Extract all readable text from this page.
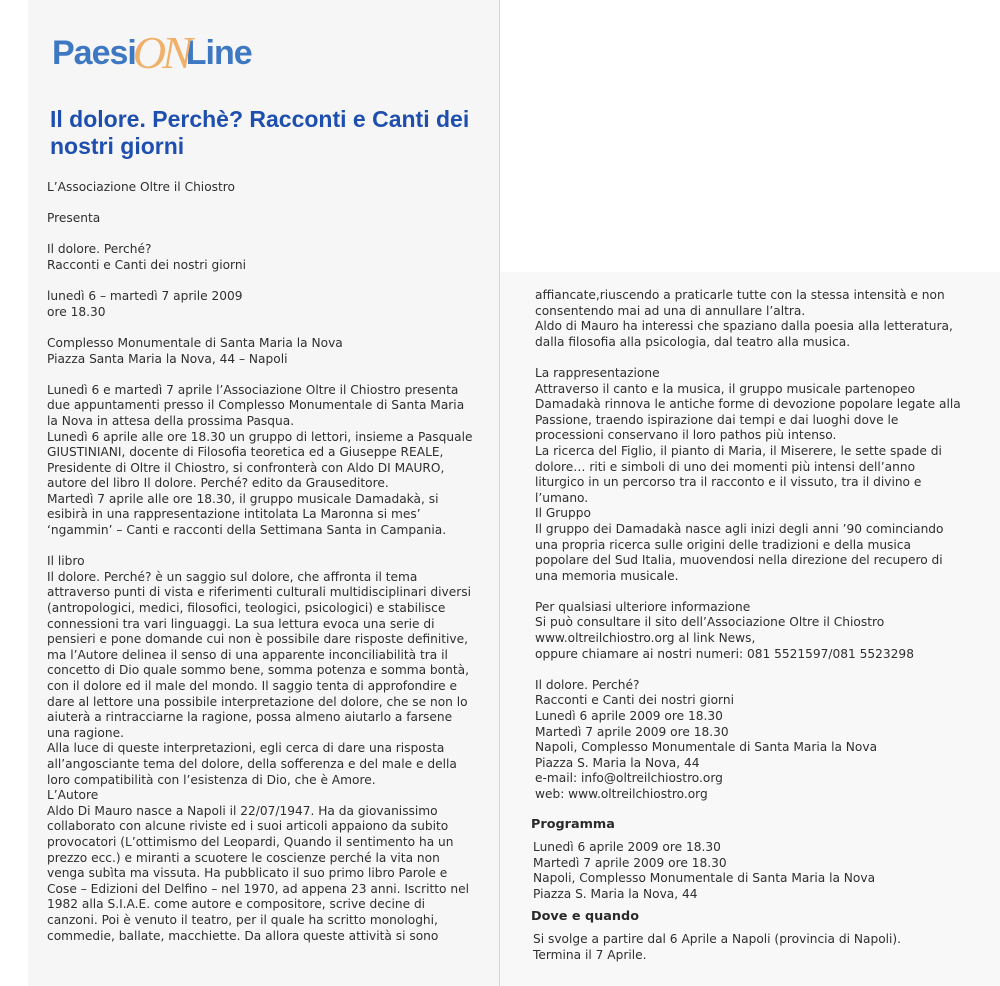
PaesiONLine
Il dolore. Perchè? Racconti e Canti dei nostri giorni
L’Associazione Oltre il Chiostro
Presenta
Il dolore. Perché?
Racconti e Canti dei nostri giorni
lunedì 6 – martedì 7 aprile 2009
ore 18.30
Complesso Monumentale di Santa Maria la Nova
Piazza Santa Maria la Nova, 44 – Napoli
Lunedì 6 e martedì 7 aprile l’Associazione Oltre il Chiostro presenta
due appuntamenti presso il Complesso Monumentale di Santa Maria
la Nova in attesa della prossima Pasqua.
Lunedì 6 aprile alle ore 18.30 un gruppo di lettori, insieme a Pasquale
GIUSTINIANI, docente di Filosofia teoretica ed a Giuseppe REALE,
Presidente di Oltre il Chiostro, si confronterà con Aldo DI MAURO,
autore del libro Il dolore. Perché? edito da Grauseditore.
Martedì 7 aprile alle ore 18.30, il gruppo musicale Damadakà, si
esibirà in una rappresentazione intitolata La Maronna si mes’
‘ngammin’ – Canti e racconti della Settimana Santa in Campania.
Il libro
Il dolore. Perché? è un saggio sul dolore, che affronta il tema
attraverso punti di vista e riferimenti culturali multidisciplinari diversi
(antropologici, medici, filosofici, teologici, psicologici) e stabilisce
connessioni tra vari linguaggi. La sua lettura evoca una serie di
pensieri e pone domande cui non è possibile dare risposte definitive,
ma l’Autore delinea il senso di una apparente inconciliabilità tra il
concetto di Dio quale sommo bene, somma potenza e somma bontà,
con il dolore ed il male del mondo. Il saggio tenta di approfondire e
dare al lettore una possibile interpretazione del dolore, che se non lo
aiuterà a rintracciarne la ragione, possa almeno aiutarlo a farsene
una ragione.
Alla luce di queste interpretazioni, egli cerca di dare una risposta
all’angosciante tema del dolore, della sofferenza e del male e della
loro compatibilità con l’esistenza di Dio, che è Amore.
L’Autore
Aldo Di Mauro nasce a Napoli il 22/07/1947. Ha da giovanissimo
collaborato con alcune riviste ed i suoi articoli appaiono da subito
provocatori (L’ottimismo del Leopardi, Quando il sentimento ha un
prezzo ecc.) e miranti a scuotere le coscienze perché la vita non
venga subìta ma vissuta. Ha pubblicato il suo primo libro Parole e
Cose – Edizioni del Delfino – nel 1970, ad appena 23 anni. Iscritto nel
1982 alla S.I.A.E. come autore e compositore, scrive decine di
canzoni. Poi è venuto il teatro, per il quale ha scritto monologhi,
commedie, ballate, macchiette. Da allora queste attività si sono
affiancate,riuscendo a praticarle tutte con la stessa intensità e non
consentendo mai ad una di annullare l’altra.
Aldo di Mauro ha interessi che spaziano dalla poesia alla letteratura,
dalla filosofia alla psicologia, dal teatro alla musica.
La rappresentazione
Attraverso il canto e la musica, il gruppo musicale partenopeo
Damadakà rinnova le antiche forme di devozione popolare legate alla
Passione, traendo ispirazione dai tempi e dai luoghi dove le
processioni conservano il loro pathos più intenso.
La ricerca del Figlio, il pianto di Maria, il Miserere, le sette spade di
dolore… riti e simboli di uno dei momenti più intensi dell’anno
liturgico in un percorso tra il racconto e il vissuto, tra il divino e
l’umano.
Il Gruppo
Il gruppo dei Damadakà nasce agli inizi degli anni ’90 cominciando
una propria ricerca sulle origini delle tradizioni e della musica
popolare del Sud Italia, muovendosi nella direzione del recupero di
una memoria musicale.
Per qualsiasi ulteriore informazione
Si può consultare il sito dell’Associazione Oltre il Chiostro
www.oltreilchiostro.org al link News,
oppure chiamare ai nostri numeri: 081 5521597/081 5523298
Il dolore. Perché?
Racconti e Canti dei nostri giorni
Lunedì 6 aprile 2009 ore 18.30
Martedì 7 aprile 2009 ore 18.30
Napoli, Complesso Monumentale di Santa Maria la Nova
Piazza S. Maria la Nova, 44
e-mail: info@oltreilchiostro.org
web: www.oltreilchiostro.org
Programma
Lunedì 6 aprile 2009 ore 18.30
Martedì 7 aprile 2009 ore 18.30
Napoli, Complesso Monumentale di Santa Maria la Nova
Piazza S. Maria la Nova, 44
Dove e quando
Si svolge a partire dal 6 Aprile a Napoli (provincia di Napoli).
Termina il 7 Aprile.
